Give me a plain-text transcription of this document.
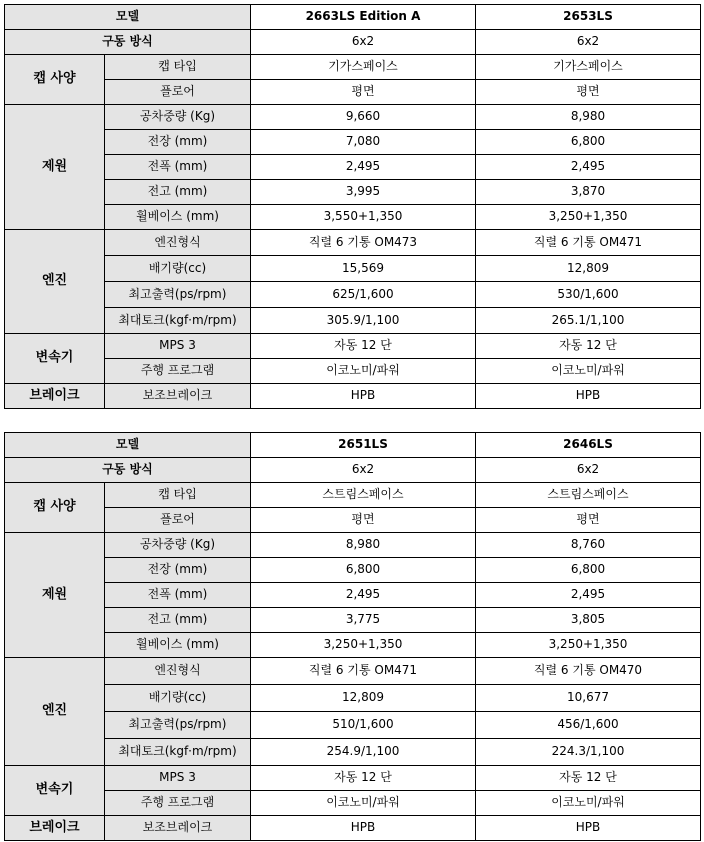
모델		2663LS Edition A	2653LS
구동 방식		6x2	6x2
캡 사양	캡 타입	기가스페이스	기가스페이스
	플로어	평면	평면
제원	공차중량 (Kg)	9,660	8,980
	전장 (mm)	7,080	6,800
	전폭 (mm)	2,495	2,495
	전고 (mm)	3,995	3,870
	휠베이스 (mm)	3,550+1,350	3,250+1,350
엔진	엔진형식	직렬 6 기통 OM473	직렬 6 기통 OM471
	배기량(cc)	15,569	12,809
	최고출력(ps/rpm)	625/1,600	530/1,600
	최대토크(kgf·m/rpm)	305.9/1,100	265.1/1,100
변속기	MPS 3	자동 12 단	자동 12 단
	주행 프로그램	이코노미/파워	이코노미/파워
브레이크	보조브레이크	HPB	HPB
모델		2651LS	2646LS
구동 방식		6x2	6x2
캡 사양	캡 타입	스트림스페이스	스트림스페이스
	플로어	평면	평면
제원	공차중량 (Kg)	8,980	8,760
	전장 (mm)	6,800	6,800
	전폭 (mm)	2,495	2,495
	전고 (mm)	3,775	3,805
	휠베이스 (mm)	3,250+1,350	3,250+1,350
엔진	엔진형식	직렬 6 기통 OM471	직렬 6 기통 OM470
	배기량(cc)	12,809	10,677
	최고출력(ps/rpm)	510/1,600	456/1,600
	최대토크(kgf·m/rpm)	254.9/1,100	224.3/1,100
변속기	MPS 3	자동 12 단	자동 12 단
	주행 프로그램	이코노미/파워	이코노미/파워
브레이크	보조브레이크	HPB	HPB
